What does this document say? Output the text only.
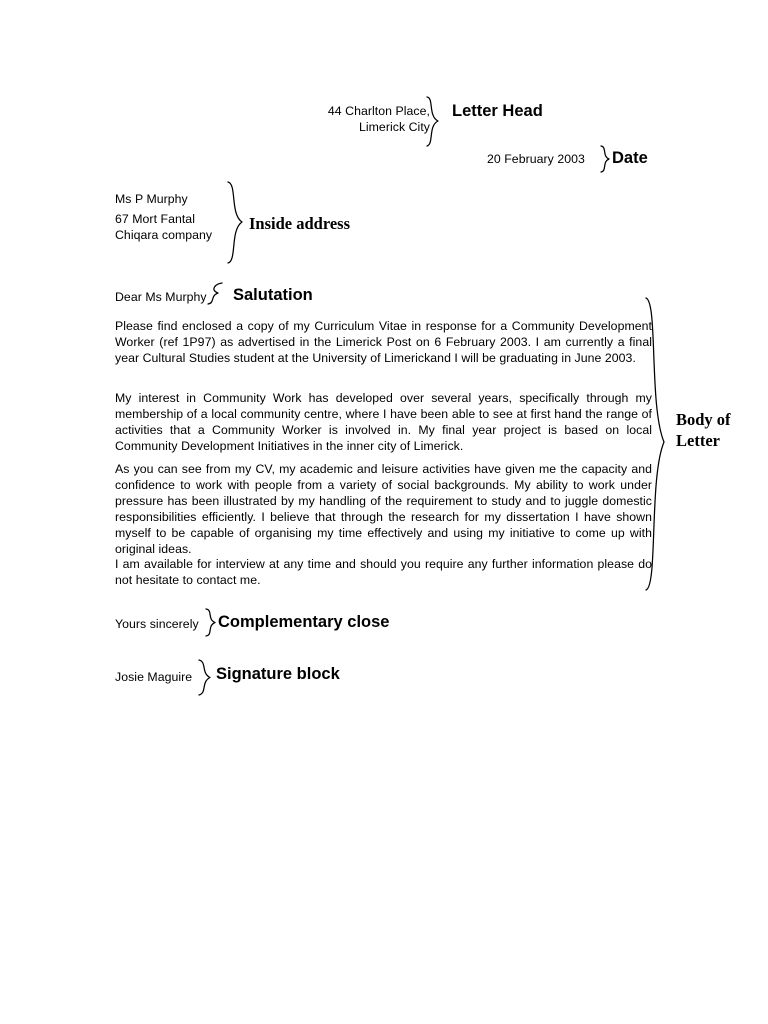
44 Charlton Place, Limerick City
Letter Head
20 February 2003 Date
Ms P Murphy
67 Mort Fantal
Chiqara company
Inside address
Dear Ms Murphy Salutation
Please find enclosed a copy of my Curriculum Vitae in response for a Community Development Worker (ref 1P97) as advertised in the Limerick Post on 6 February 2003. I am currently a final year Cultural Studies student at the University of Limerickand I will be graduating in June 2003.
My interest in Community Work has developed over several years, specifically through my membership of a local community centre, where I have been able to see at first hand the range of activities that a Community Worker is involved in. My final year project is based on local Community Development Initiatives in the inner city of Limerick.
As you can see from my CV, my academic and leisure activities have given me the capacity and confidence to work with people from a variety of social backgrounds. My ability to work under pressure has been illustrated by my handling of the requirement to study and to juggle domestic responsibilities efficiently. I believe that through the research for my dissertation I have shown myself to be capable of organising my time effectively and using my initiative to come up with original ideas.
I am available for interview at any time and should you require any further information please do not hesitate to contact me.
Body of
Letter
Yours sincerely Complementary close
Josie Maguire Signature block
